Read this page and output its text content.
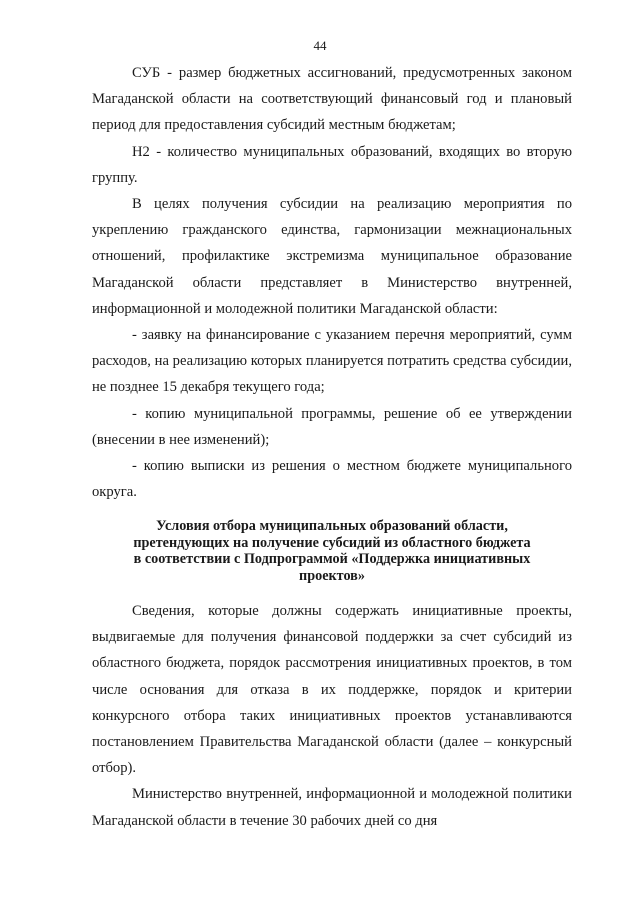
44

СУБ - размер бюджетных ассигнований, предусмотренных законом Магаданской области на соответствующий финансовый год и плановый период для предоставления субсидий местным бюджетам;

Н2 - количество муниципальных образований, входящих во вторую группу.

В целях получения субсидии на реализацию мероприятия по укреплению гражданского единства, гармонизации межнациональных отношений, профилактике экстремизма муниципальное образование Магаданской области представляет в Министерство внутренней, информационной и молодежной политики Магаданской области:

- заявку на финансирование с указанием перечня мероприятий, сумм расходов, на реализацию которых планируется потратить средства субсидии, не позднее 15 декабря текущего года;

- копию муниципальной программы, решение об ее утверждении (внесении в нее изменений);

- копию выписки из решения о местном бюджете муниципального округа.

Условия отбора муниципальных образований области,
претендующих на получение субсидий из областного бюджета
в соответствии с Подпрограммой «Поддержка инициативных
проектов»

Сведения, которые должны содержать инициативные проекты, выдвигаемые для получения финансовой поддержки за счет субсидий из областного бюджета, порядок рассмотрения инициативных проектов, в том числе основания для отказа в их поддержке, порядок и критерии конкурсного отбора таких инициативных проектов устанавливаются постановлением Правительства Магаданской области (далее – конкурсный отбор).

Министерство внутренней, информационной и молодежной политики Магаданской области в течение 30 рабочих дней со дня
